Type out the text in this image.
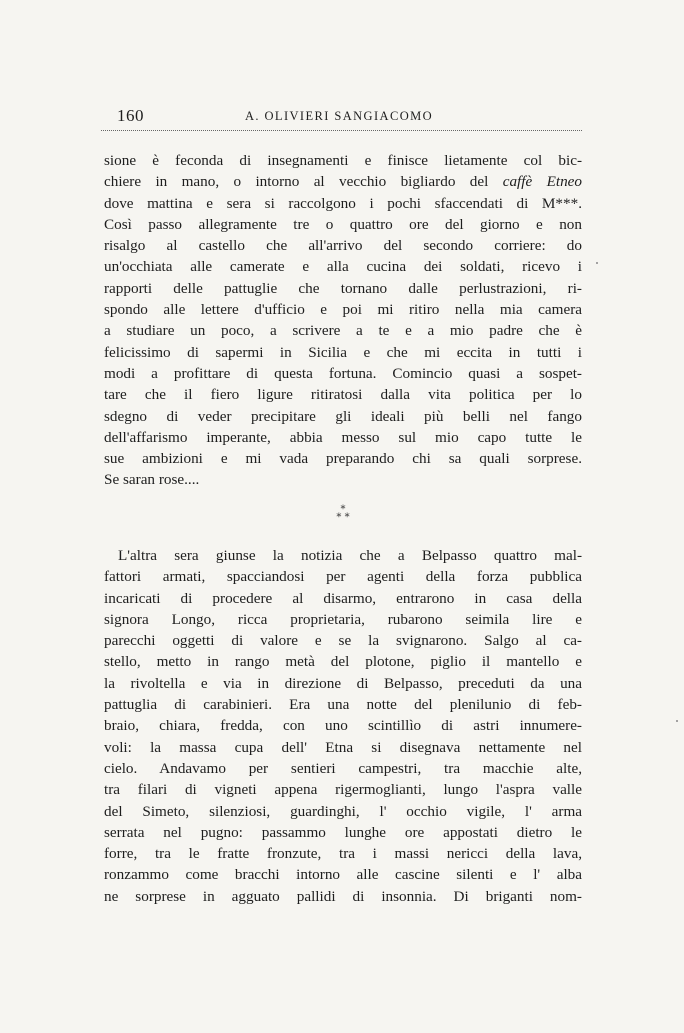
160	A. OLIVIERI SANGIACOMO
sione è feconda di insegnamenti e finisce lietamente col bic-
chiere in mano, o intorno al vecchio bigliardo del caffè Etneo
dove mattina e sera si raccolgono i pochi sfaccendati di M***.
Così passo allegramente tre o quattro ore del giorno e non
risalgo al castello che all'arrivo del secondo corriere: do
un'occhiata alle camerate e alla cucina dei soldati, ricevo i
rapporti delle pattuglie che tornano dalle perlustrazioni, ri-
spondo alle lettere d'ufficio e poi mi ritiro nella mia camera
a studiare un poco, a scrivere a te e a mio padre che è
felicissimo di sapermi in Sicilia e che mi eccita in tutti i
modi a profittare di questa fortuna. Comincio quasi a sospet-
tare che il fiero ligure ritiratosi dalla vita politica per lo
sdegno di veder precipitare gli ideali più belli nel fango
dell'affarismo imperante, abbia messo sul mio capo tutte le
sue ambizioni e mi vada preparando chi sa quali sorprese.
Se saran rose....
*
* *
L'altra sera giunse la notizia che a Belpasso quattro mal-
fattori armati, spacciandosi per agenti della forza pubblica
incaricati di procedere al disarmo, entrarono in casa della
signora Longo, ricca proprietaria, rubarono seimila lire e
parecchi oggetti di valore e se la svignarono. Salgo al ca-
stello, metto in rango metà del plotone, piglio il mantello e
la rivoltella e via in direzione di Belpasso, preceduti da una
pattuglia di carabinieri. Era una notte del plenilunio di feb-
braio, chiara, fredda, con uno scintillìo di astri innumere-
voli: la massa cupa dell' Etna si disegnava nettamente nel
cielo. Andavamo per sentieri campestri, tra macchie alte,
tra filari di vigneti appena rigermoglianti, lungo l'aspra valle
del Simeto, silenziosi, guardinghi, l' occhio vigile, l' arma
serrata nel pugno: passammo lunghe ore appostati dietro le
forre, tra le fratte fronzute, tra i massi nericci della lava,
ronzammo come bracchi intorno alle cascine silenti e l' alba
ne sorprese in agguato pallidi di insonnia. Di briganti nom-
